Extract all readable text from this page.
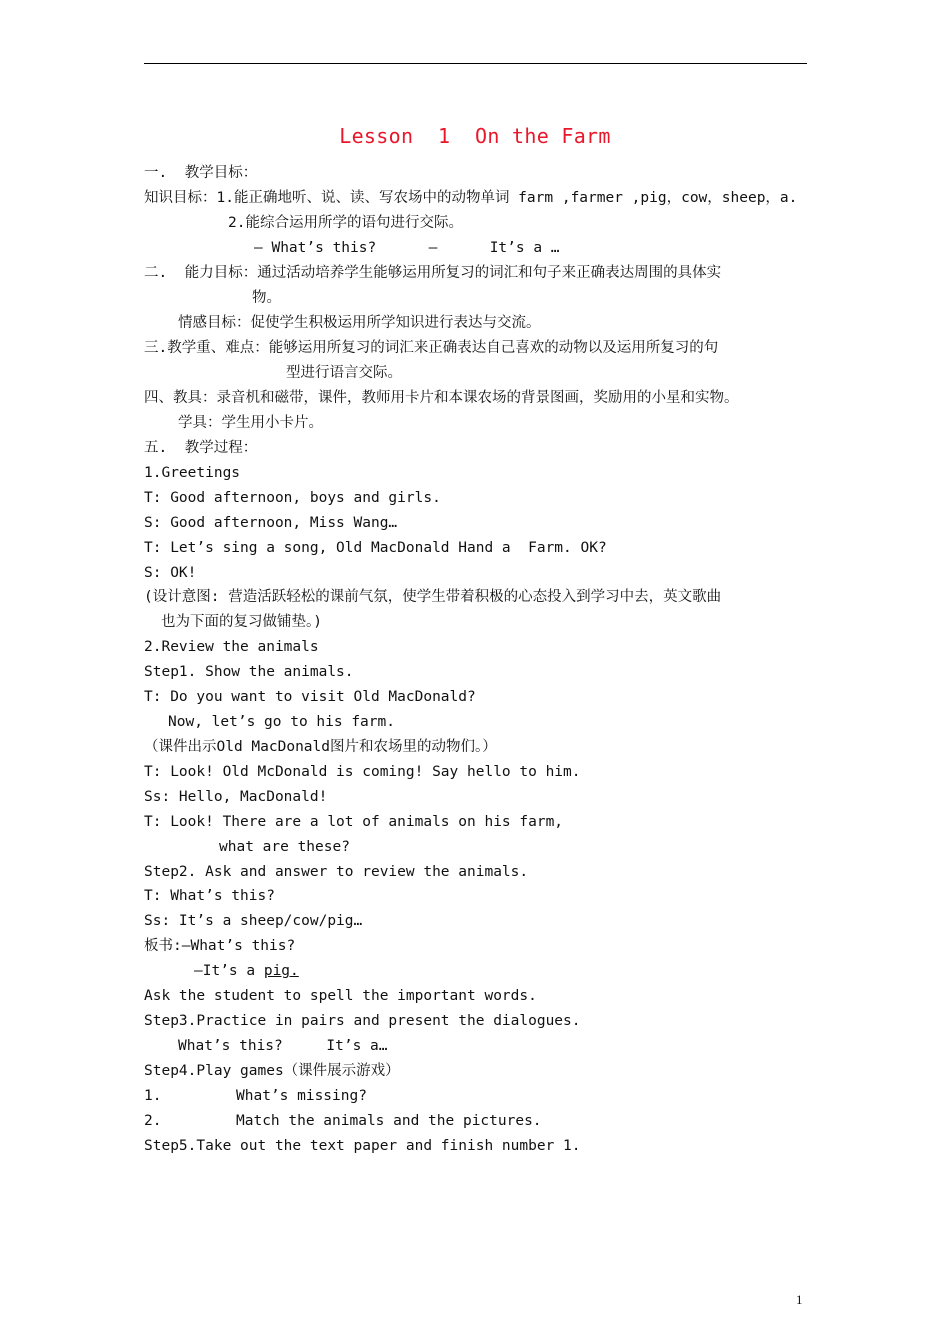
Lesson  1  On the Farm
一.  教学目标：
知识目标：1.能正确地听、说、读、写农场中的动物单词 farm ,farmer ,pig，cow，sheep，a.
2.能综合运用所学的语句进行交际。
— What’s this?      —      It’s a …
二.  能力目标：通过活动培养学生能够运用所复习的词汇和句子来正确表达周围的具体实
物。
情感目标：促使学生积极运用所学知识进行表达与交流。
三.教学重、难点：能够运用所复习的词汇来正确表达自己喜欢的动物以及运用所复习的句
型进行语言交际。
四、教具：录音机和磁带，课件，教师用卡片和本课农场的背景图画，奖励用的小星和实物。
学具：学生用小卡片。
五.  教学过程：
1.Greetings
T: Good afternoon, boys and girls.
S: Good afternoon, Miss Wang…
T: Let’s sing a song, Old MacDonald Hand a  Farm. OK?
S: OK!
(设计意图: 营造活跃轻松的课前气氛，使学生带着积极的心态投入到学习中去，英文歌曲
也为下面的复习做铺垫。)
2.Review the animals
Step1. Show the animals.
T: Do you want to visit Old MacDonald?
Now, let’s go to his farm.
（课件出示Old MacDonald图片和农场里的动物们。）
T: Look! Old McDonald is coming! Say hello to him.
Ss: Hello, MacDonald!
T: Look! There are a lot of animals on his farm,
what are these?
Step2. Ask and answer to review the animals.
T: What’s this?
Ss: It’s a sheep/cow/pig…
板书:—What’s this?
—It’s a pig.
Ask the student to spell the important words.
Step3.Practice in pairs and present the dialogues.
What’s this?     It’s a…
Step4.Play games（课件展示游戏）
1.	What’s missing?
2.	Match the animals and the pictures.
Step5.Take out the text paper and finish number 1.
1
